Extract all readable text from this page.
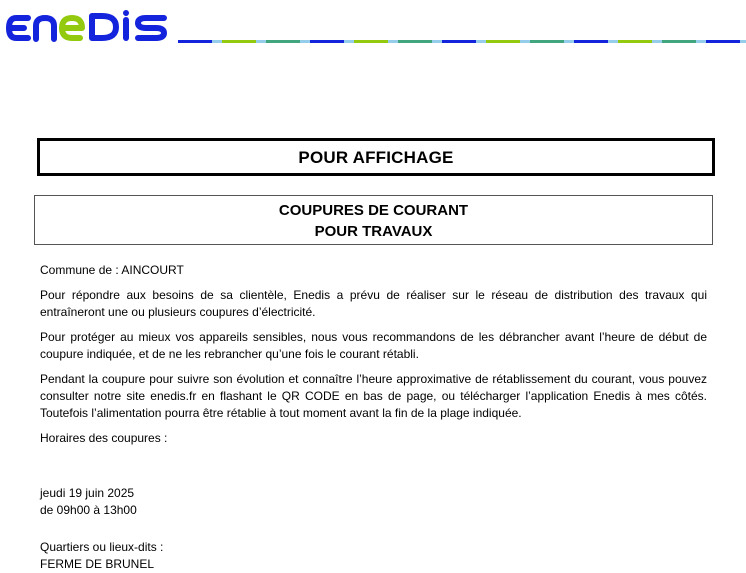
POUR AFFICHAGE
COUPURES DE COURANT
POUR TRAVAUX

Commune de : AINCOURT

Pour répondre aux besoins de sa clientèle, Enedis a prévu de réaliser sur le réseau de distribution des travaux qui entraîneront une ou plusieurs coupures d’électricité.

Pour protéger au mieux vos appareils sensibles, nous vous recommandons de les débrancher avant l’heure de début de coupure indiquée, et de ne les rebrancher qu’une fois le courant rétabli.

Pendant la coupure pour suivre son évolution et connaître l’heure approximative de rétablissement du courant, vous pouvez consulter notre site enedis.fr en flashant le QR CODE en bas de page, ou télécharger l’application Enedis à mes côtés. Toutefois l’alimentation pourra être rétablie à tout moment avant la fin de la plage indiquée.

Horaires des coupures :

jeudi 19 juin 2025

de 09h00 à 13h00

Quartiers ou lieux-dits :

FERME DE BRUNEL
